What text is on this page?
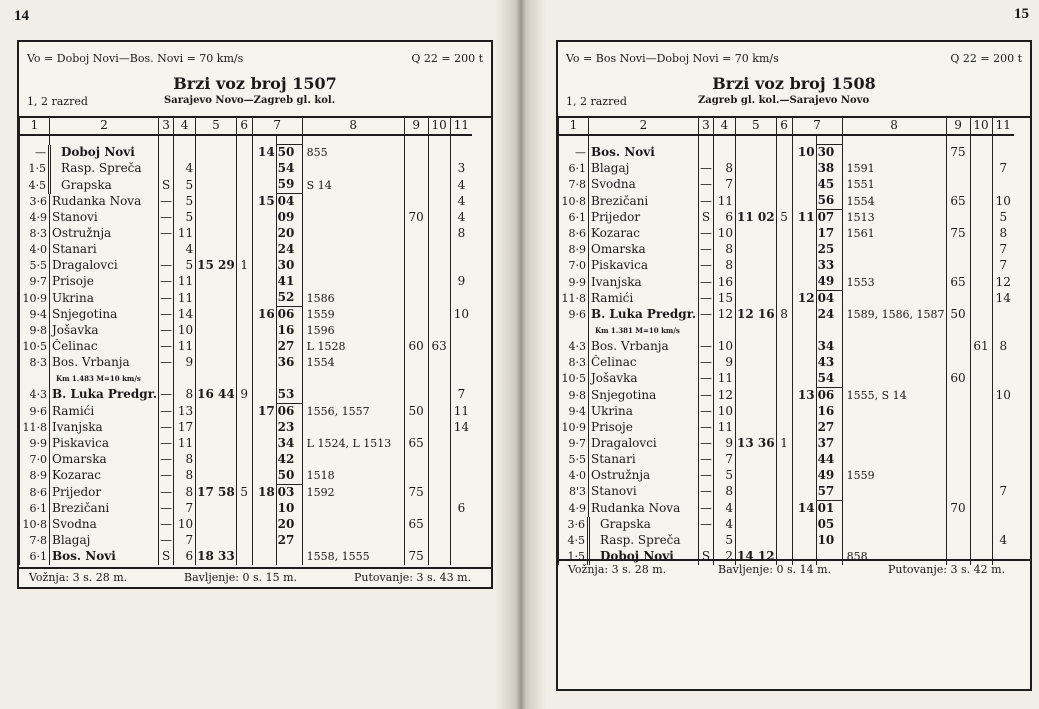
14	15
Vo = Doboj Novi—Bos. Novi = 70 km/s	Q 22 = 200 t
Brzi voz broj 1507
1, 2 razred	Sarajevo Novo—Zagreb gl. kol.
1	2	3	4	5	6	7		8	9	10	11

—	Doboj Novi					14	50	855			
1·5	Rasp. Spreča		4				54				3
4·5	Grapska	S	5				59	S 14			4
3·6	Rudanka Nova	—	5			15	04				4
4·9	Stanovi	—	5				09		70		4
8·3	Ostružnja	—	11				20				8
4·0	Stanari		4				24				
5·5	Dragalovci	—	5	15 29	1		30				
9·7	Prisoje	—	11				41				9
10·9	Ukrina	—	11				52	1586			
9·4	Snjegotina	—	14			16	06	1559			10
9·8	Jošavka	—	10				16	1596			
10·5	Čelinac	—	11				27	L 1528	60	63	
8·3	Bos. Vrbanja	—	9				36	1554			
	Km 1.483 M=10 km/s										
4·3	B. Luka Predgr.	—	8	16 44	9		53				7
9·6	Ramići	—	13			17	06	1556, 1557	50		11
11·8	Ivanjska	—	17				23				14
9·9	Piskavica	—	11				34	L 1524, L 1513	65		
7·0	Omarska	—	8				42				
8·9	Kozarac	—	8				50	1518			
8·6	Prijedor	—	8	17 58	5	18	03	1592	75		
6·1	Brezičani	—	7				10				6
10·8	Svodna	—	10				20		65		
7·8	Blagaj	—	7				27				
6·1	Bos. Novi	S	6	18 33				1558, 1555	75		
Vožnja: 3 s. 28 m.	Bavljenje: 0 s. 15 m.	Putovanje: 3 s. 43 m.
Vo = Bos Novi—Doboj Novi = 70 km/s	Q 22 = 200 t
Brzi voz broj 1508
1, 2 razred	Zagreb gl. kol.—Sarajevo Novo
1	2	3	4	5	6	7		8	9	10	11

—	Bos. Novi					10	30		75		
6·1	Blagaj	—	8				38	1591			7
7·8	Svodna	—	7				45	1551			
10·8	Brezičani	—	11				56	1554	65		10
6·1	Prijedor	S	6	11 02	5	11	07	1513			5
8·6	Kozarac	—	10				17	1561	75		8
8·9	Omarska	—	8				25				7
7·0	Piskavica	—	8				33				7
9·9	Ivanjska	—	16				49	1553	65		12
11·8	Ramići	—	15			12	04				14
9·6	B. Luka Predgr.	—	12	12 16	8		24	1589, 1586, 1587	50		
	Km 1.381 M=10 km/s										
4·3	Bos. Vrbanja	—	10				34			61	8
8·3	Čelinac	—	9				43				
10·5	Jošavka	—	11				54		60		
9·8	Snjegotina	—	12			13	06	1555, S 14			10
9·4	Ukrina	—	10				16				
10·9	Prisoje	—	11				27				
9·7	Dragalovci	—	9	13 36	1		37				
5·5	Stanari	—	7				44				
4·0	Ostružnja	—	5				49	1559			
8'3	Stanovi	—	8				57				7
4·9	Rudanka Nova	—	4			14	01		70		
3·6	Grapska	—	4				05				
4·5	Rasp. Spreča		5				10				4
1·5	Doboj Novi	S	2	14 12				858			
Vožnja: 3 s. 28 m.	Bavljenje: 0 s. 14 m.	Putovanje: 3 s. 42 m.
